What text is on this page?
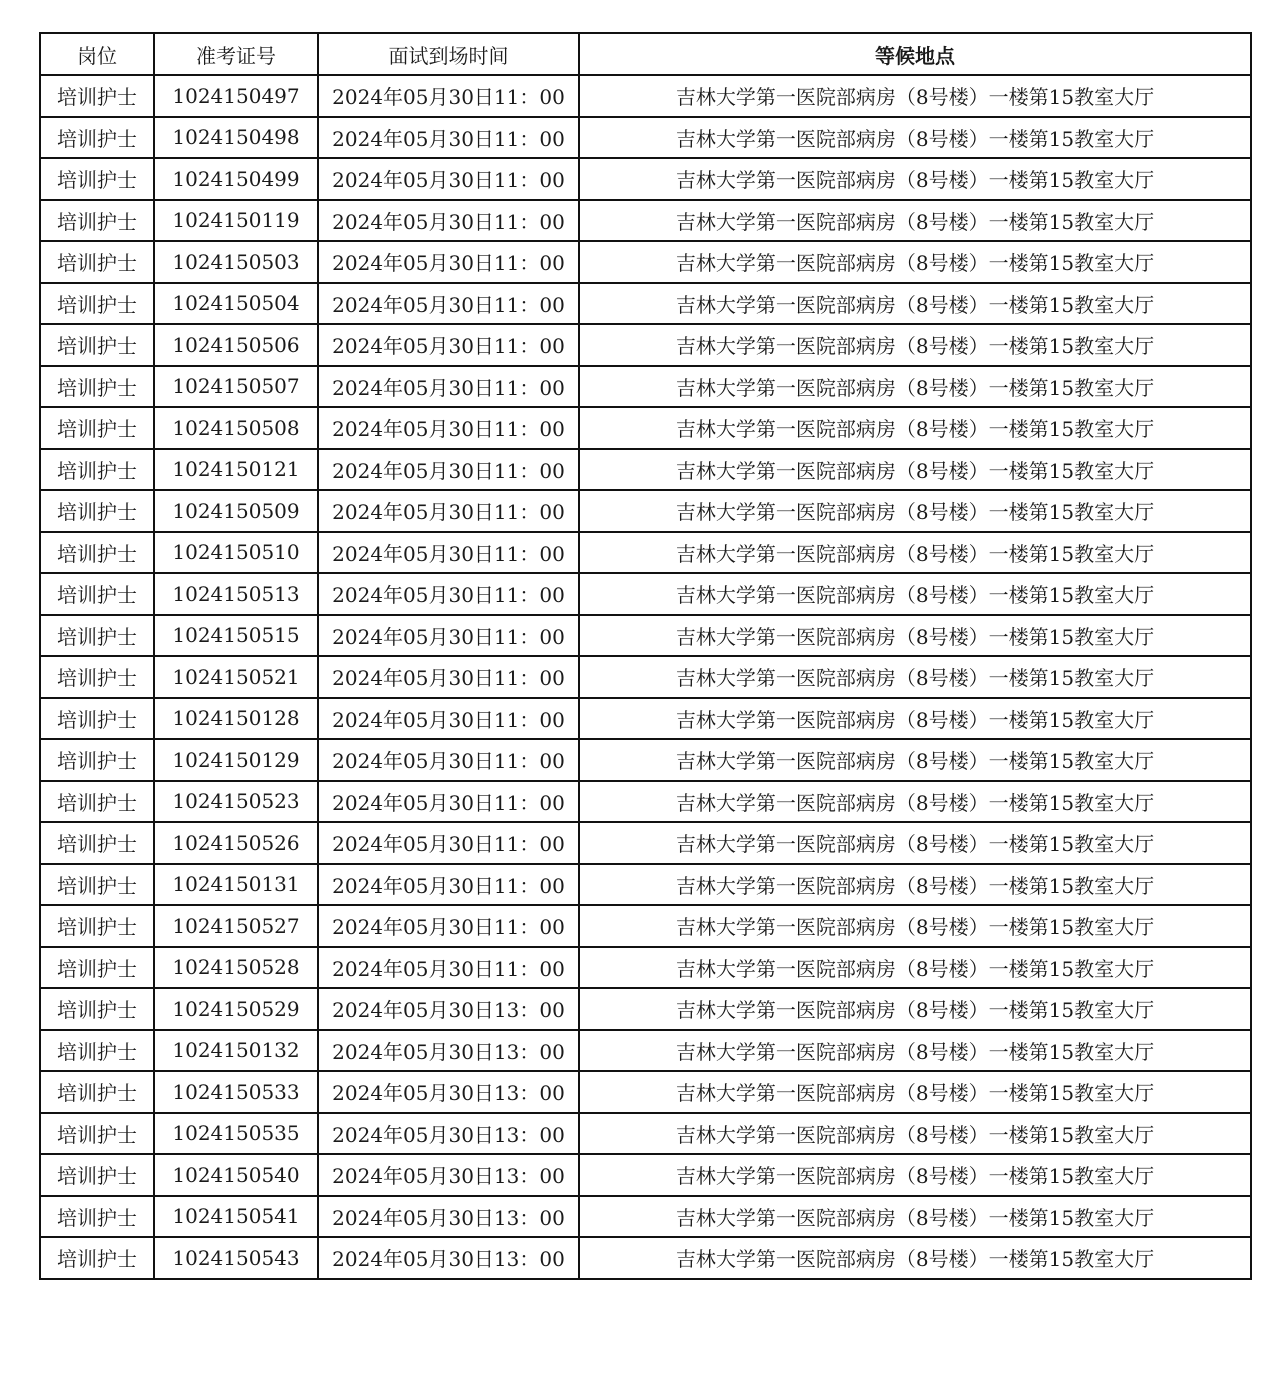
岗位	准考证号	面试到场时间	等候地点
培训护士	1024150497	2024年05月30日11：00	吉林大学第一医院部病房（8号楼）一楼第15教室大厅
培训护士	1024150498	2024年05月30日11：00	吉林大学第一医院部病房（8号楼）一楼第15教室大厅
培训护士	1024150499	2024年05月30日11：00	吉林大学第一医院部病房（8号楼）一楼第15教室大厅
培训护士	1024150119	2024年05月30日11：00	吉林大学第一医院部病房（8号楼）一楼第15教室大厅
培训护士	1024150503	2024年05月30日11：00	吉林大学第一医院部病房（8号楼）一楼第15教室大厅
培训护士	1024150504	2024年05月30日11：00	吉林大学第一医院部病房（8号楼）一楼第15教室大厅
培训护士	1024150506	2024年05月30日11：00	吉林大学第一医院部病房（8号楼）一楼第15教室大厅
培训护士	1024150507	2024年05月30日11：00	吉林大学第一医院部病房（8号楼）一楼第15教室大厅
培训护士	1024150508	2024年05月30日11：00	吉林大学第一医院部病房（8号楼）一楼第15教室大厅
培训护士	1024150121	2024年05月30日11：00	吉林大学第一医院部病房（8号楼）一楼第15教室大厅
培训护士	1024150509	2024年05月30日11：00	吉林大学第一医院部病房（8号楼）一楼第15教室大厅
培训护士	1024150510	2024年05月30日11：00	吉林大学第一医院部病房（8号楼）一楼第15教室大厅
培训护士	1024150513	2024年05月30日11：00	吉林大学第一医院部病房（8号楼）一楼第15教室大厅
培训护士	1024150515	2024年05月30日11：00	吉林大学第一医院部病房（8号楼）一楼第15教室大厅
培训护士	1024150521	2024年05月30日11：00	吉林大学第一医院部病房（8号楼）一楼第15教室大厅
培训护士	1024150128	2024年05月30日11：00	吉林大学第一医院部病房（8号楼）一楼第15教室大厅
培训护士	1024150129	2024年05月30日11：00	吉林大学第一医院部病房（8号楼）一楼第15教室大厅
培训护士	1024150523	2024年05月30日11：00	吉林大学第一医院部病房（8号楼）一楼第15教室大厅
培训护士	1024150526	2024年05月30日11：00	吉林大学第一医院部病房（8号楼）一楼第15教室大厅
培训护士	1024150131	2024年05月30日11：00	吉林大学第一医院部病房（8号楼）一楼第15教室大厅
培训护士	1024150527	2024年05月30日11：00	吉林大学第一医院部病房（8号楼）一楼第15教室大厅
培训护士	1024150528	2024年05月30日11：00	吉林大学第一医院部病房（8号楼）一楼第15教室大厅
培训护士	1024150529	2024年05月30日13：00	吉林大学第一医院部病房（8号楼）一楼第15教室大厅
培训护士	1024150132	2024年05月30日13：00	吉林大学第一医院部病房（8号楼）一楼第15教室大厅
培训护士	1024150533	2024年05月30日13：00	吉林大学第一医院部病房（8号楼）一楼第15教室大厅
培训护士	1024150535	2024年05月30日13：00	吉林大学第一医院部病房（8号楼）一楼第15教室大厅
培训护士	1024150540	2024年05月30日13：00	吉林大学第一医院部病房（8号楼）一楼第15教室大厅
培训护士	1024150541	2024年05月30日13：00	吉林大学第一医院部病房（8号楼）一楼第15教室大厅
培训护士	1024150543	2024年05月30日13：00	吉林大学第一医院部病房（8号楼）一楼第15教室大厅
